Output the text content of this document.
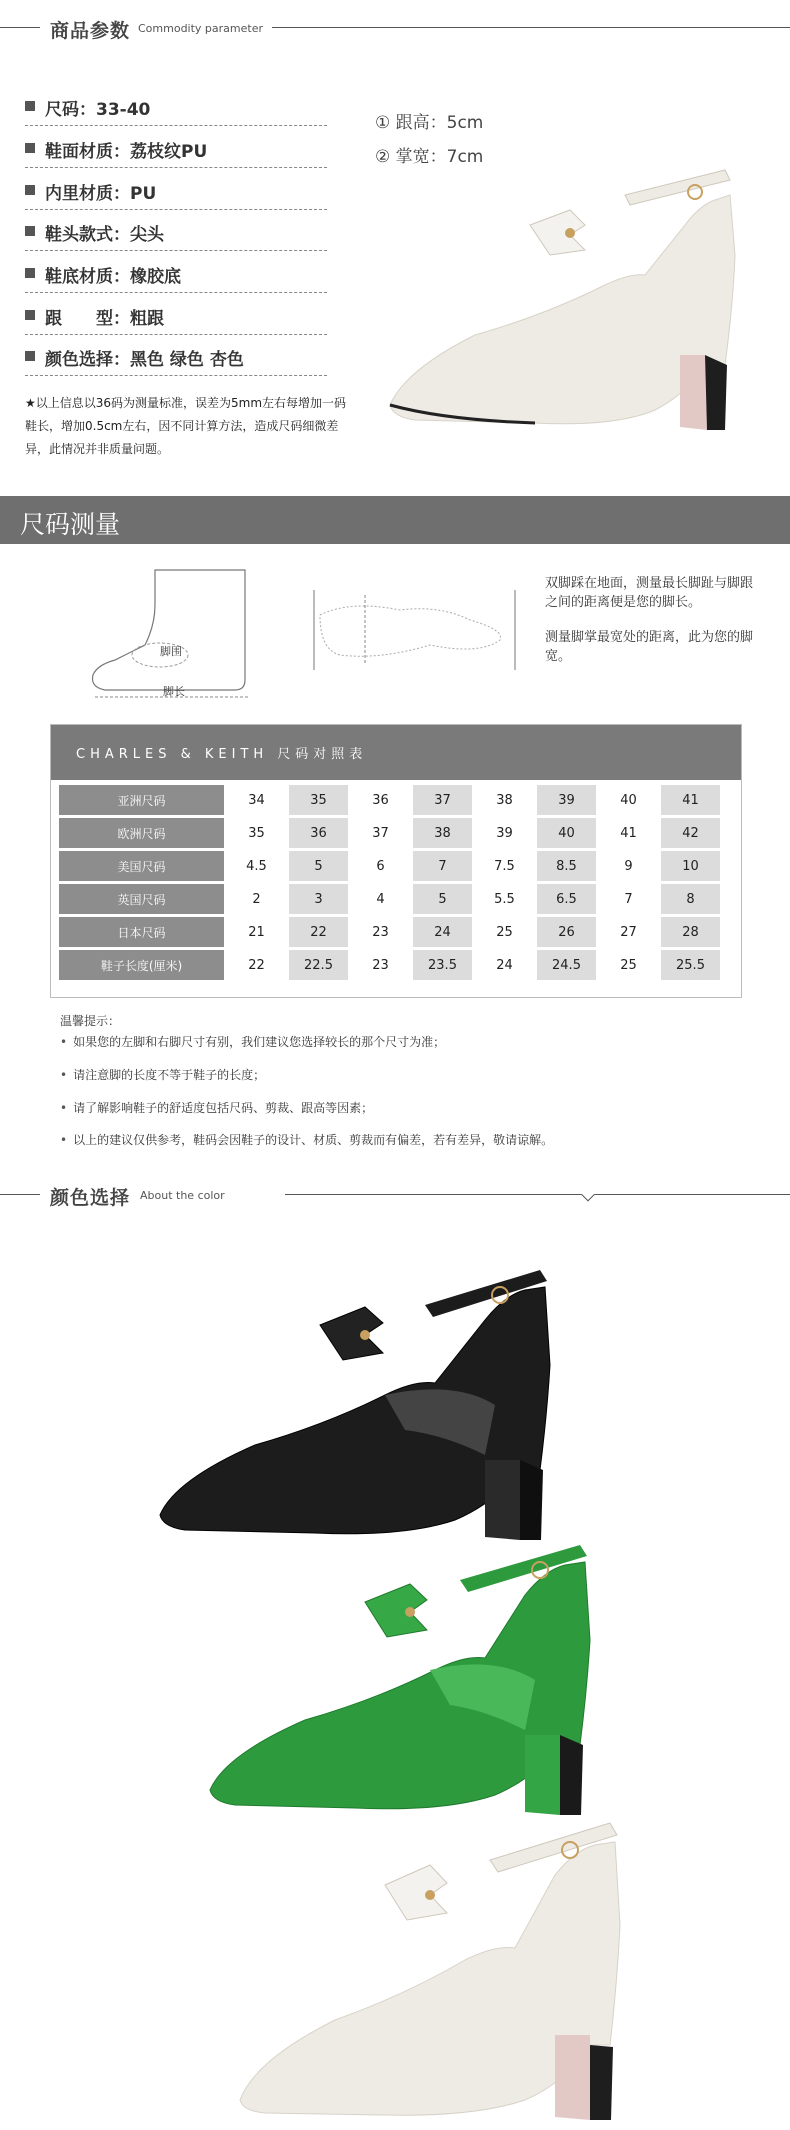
商品参数 Commodity parameter
尺码：33-40
鞋面材质：荔枝纹PU
内里材质：PU
鞋头款式：尖头
鞋底材质：橡胶底
跟　　型：粗跟
颜色选择：黑色 绿色 杏色
① 跟高：5cm
② 掌宽：7cm
★以上信息以36码为测量标准，误差为5mm左右每增加一码鞋长，增加0.5cm左右，因不同计算方法，造成尺码细微差异，此情况并非质量问题。
尺码测量
脚围
脚长
双脚踩在地面，测量最长脚趾与脚跟之间的距离便是您的脚长。
测量脚掌最宽处的距离，此为您的脚宽。
CHARLES & KEITH 尺码对照表
亚洲尺码	34	35	36	37	38	39	40	41
欧洲尺码	35	36	37	38	39	40	41	42
美国尺码	4.5	5	6	7	7.5	8.5	9	10
英国尺码	2	3	4	5	5.5	6.5	7	8
日本尺码	21	22	23	24	25	26	27	28
鞋子长度(厘米)	22	22.5	23	23.5	24	24.5	25	25.5
温馨提示：
• 如果您的左脚和右脚尺寸有别，我们建议您选择较长的那个尺寸为准；
• 请注意脚的长度不等于鞋子的长度；
• 请了解影响鞋子的舒适度包括尺码、剪裁、跟高等因素；
• 以上的建议仅供参考，鞋码会因鞋子的设计、材质、剪裁而有偏差，若有差异，敬请谅解。
颜色选择 About the color
